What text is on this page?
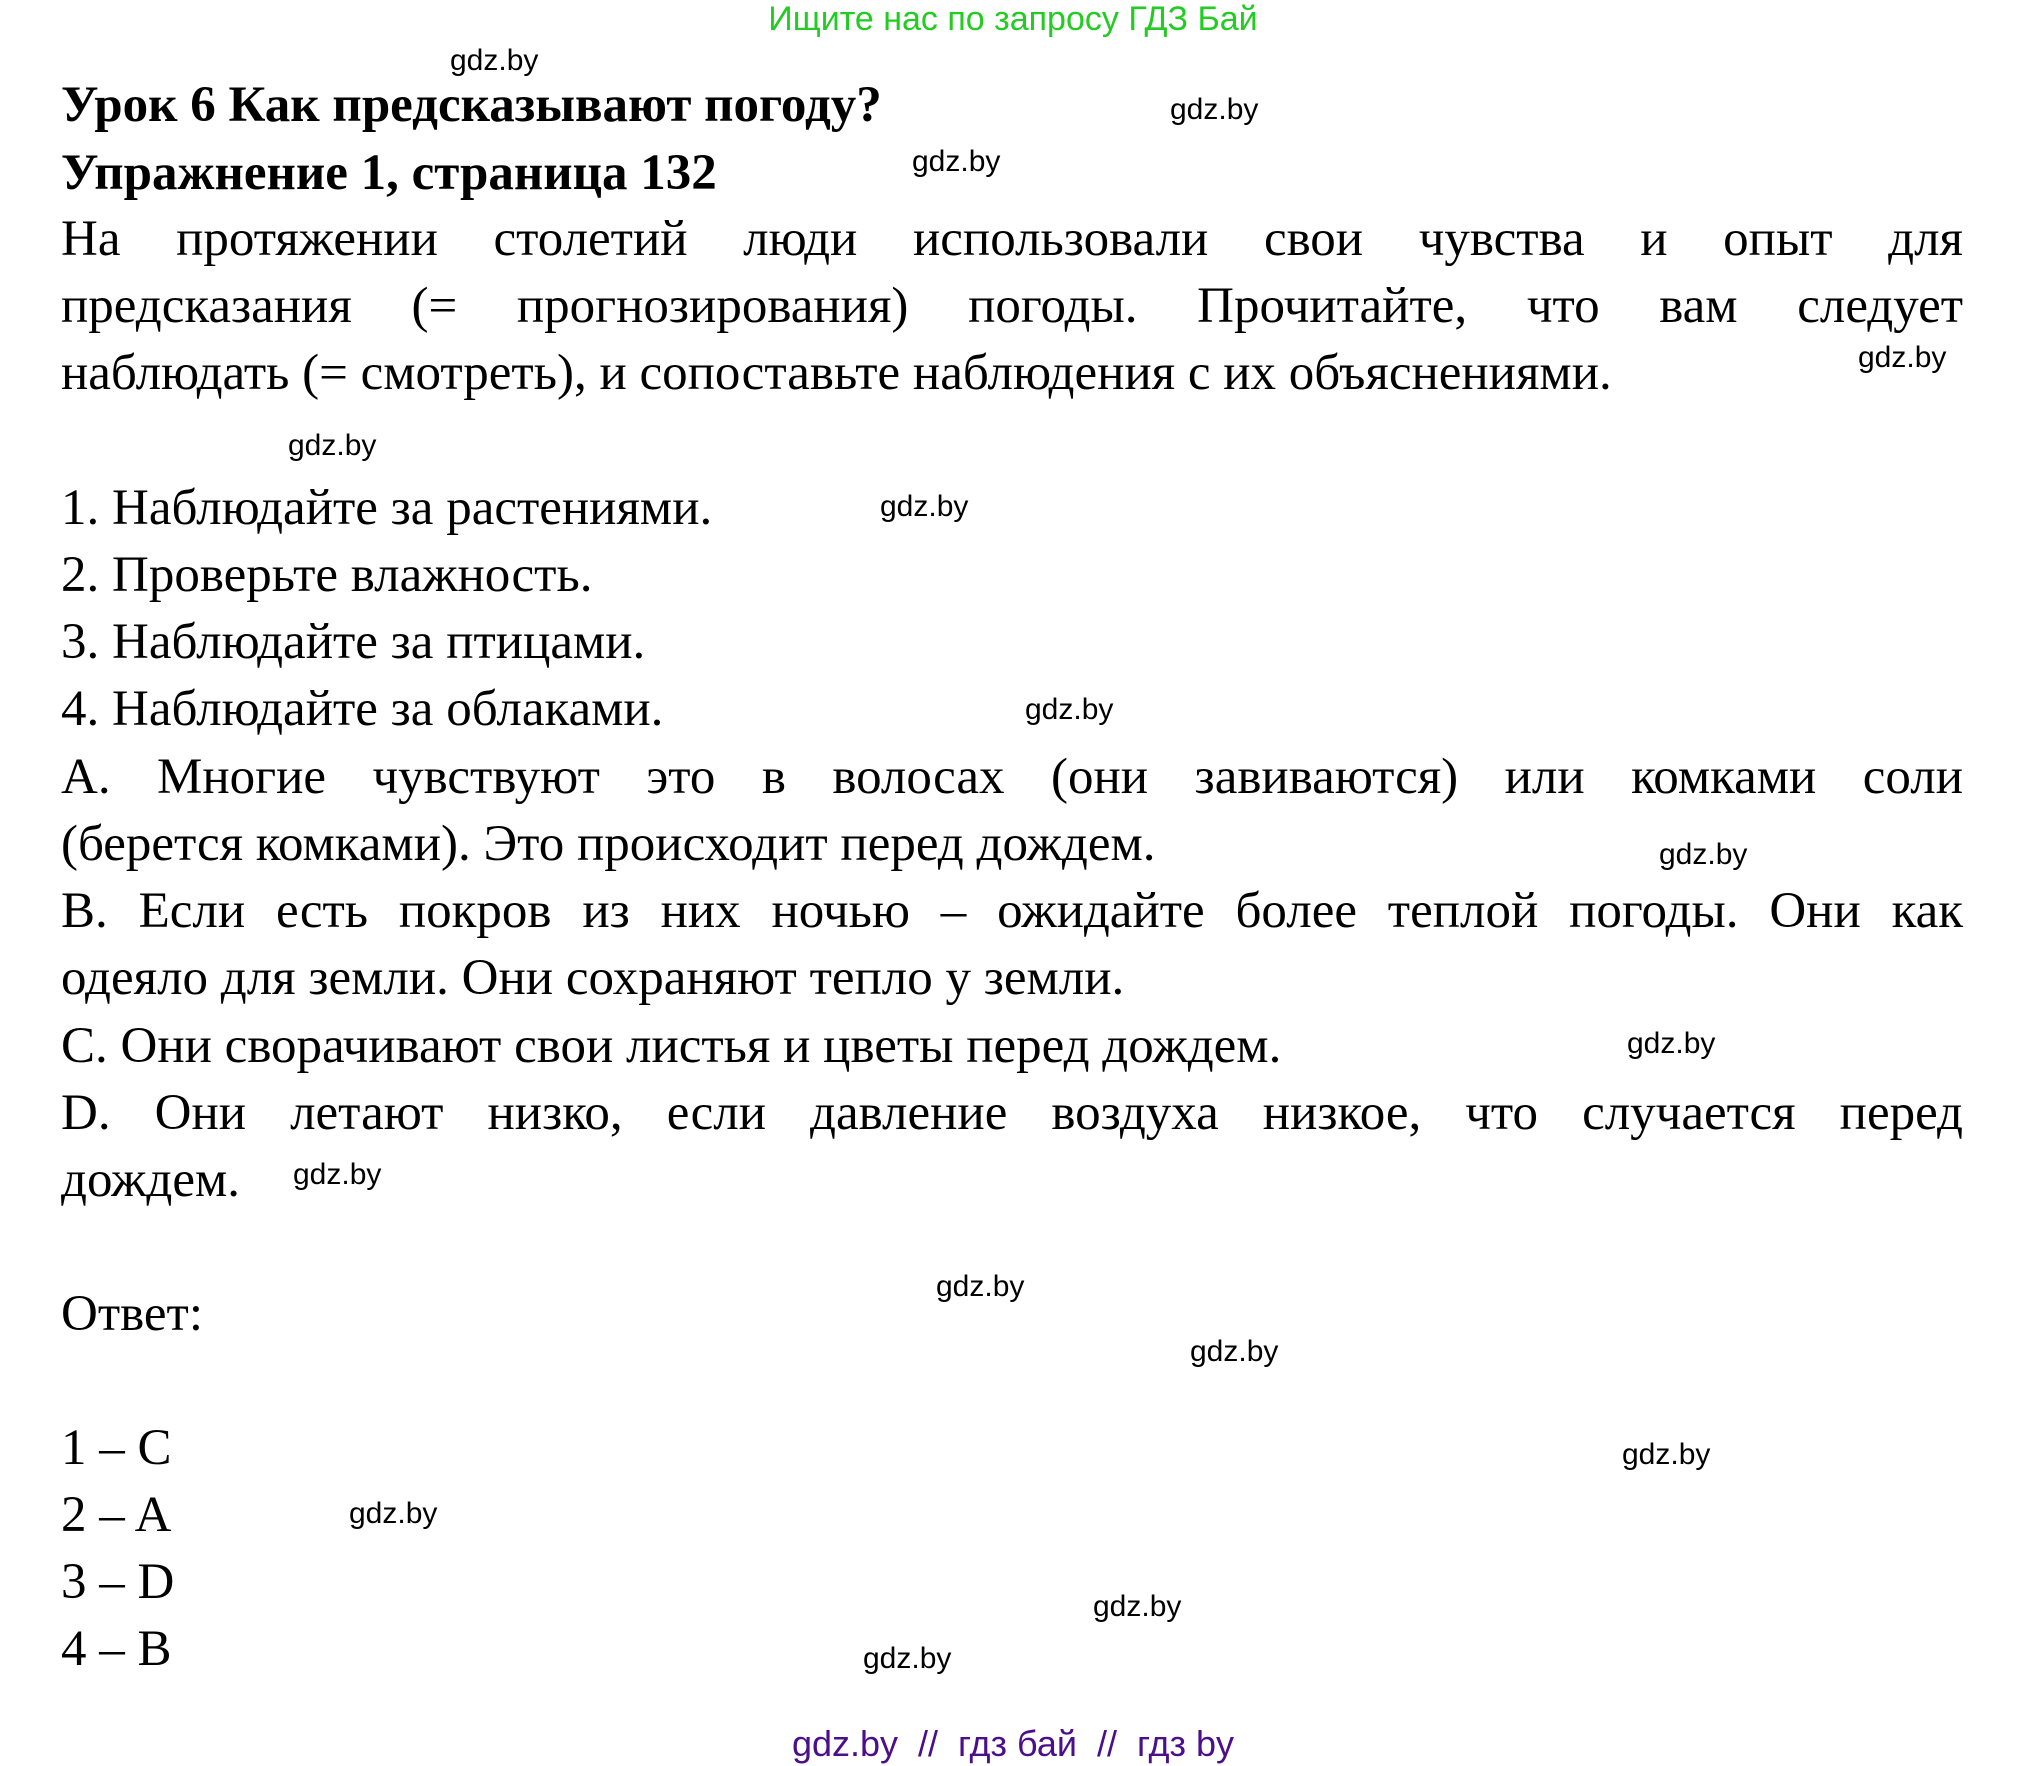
Ищите нас по запросу ГДЗ Бай
Урок 6 Как предсказывают погоду?
Упражнение 1, страница 132
На протяжении столетий люди использовали свои чувства и опыт для
предсказания (= прогнозирования) погоды. Прочитайте, что вам следует
наблюдать (= смотреть), и сопоставьте наблюдения с их объяснениями.
1. Наблюдайте за растениями.
2. Проверьте влажность.
3. Наблюдайте за птицами.
4. Наблюдайте за облаками.
A. Многие чувствуют это в волосах (они завиваются) или комками соли
(берется комками). Это происходит перед дождем.
B. Если есть покров из них ночью – ожидайте более теплой погоды. Они как
одеяло для земли. Они сохраняют тепло у земли.
C. Они сворачивают свои листья и цветы перед дождем.
D. Они летают низко, если давление воздуха низкое, что случается перед
дождем.
Ответ:
1 – C
2 – A
3 – D
4 – B
gdz.by
gdz.by
gdz.by
gdz.by
gdz.by
gdz.by
gdz.by
gdz.by
gdz.by
gdz.by
gdz.by
gdz.by
gdz.by
gdz.by
gdz.by
gdz.by
gdz.by  //  гдз бай  //  гдз by
